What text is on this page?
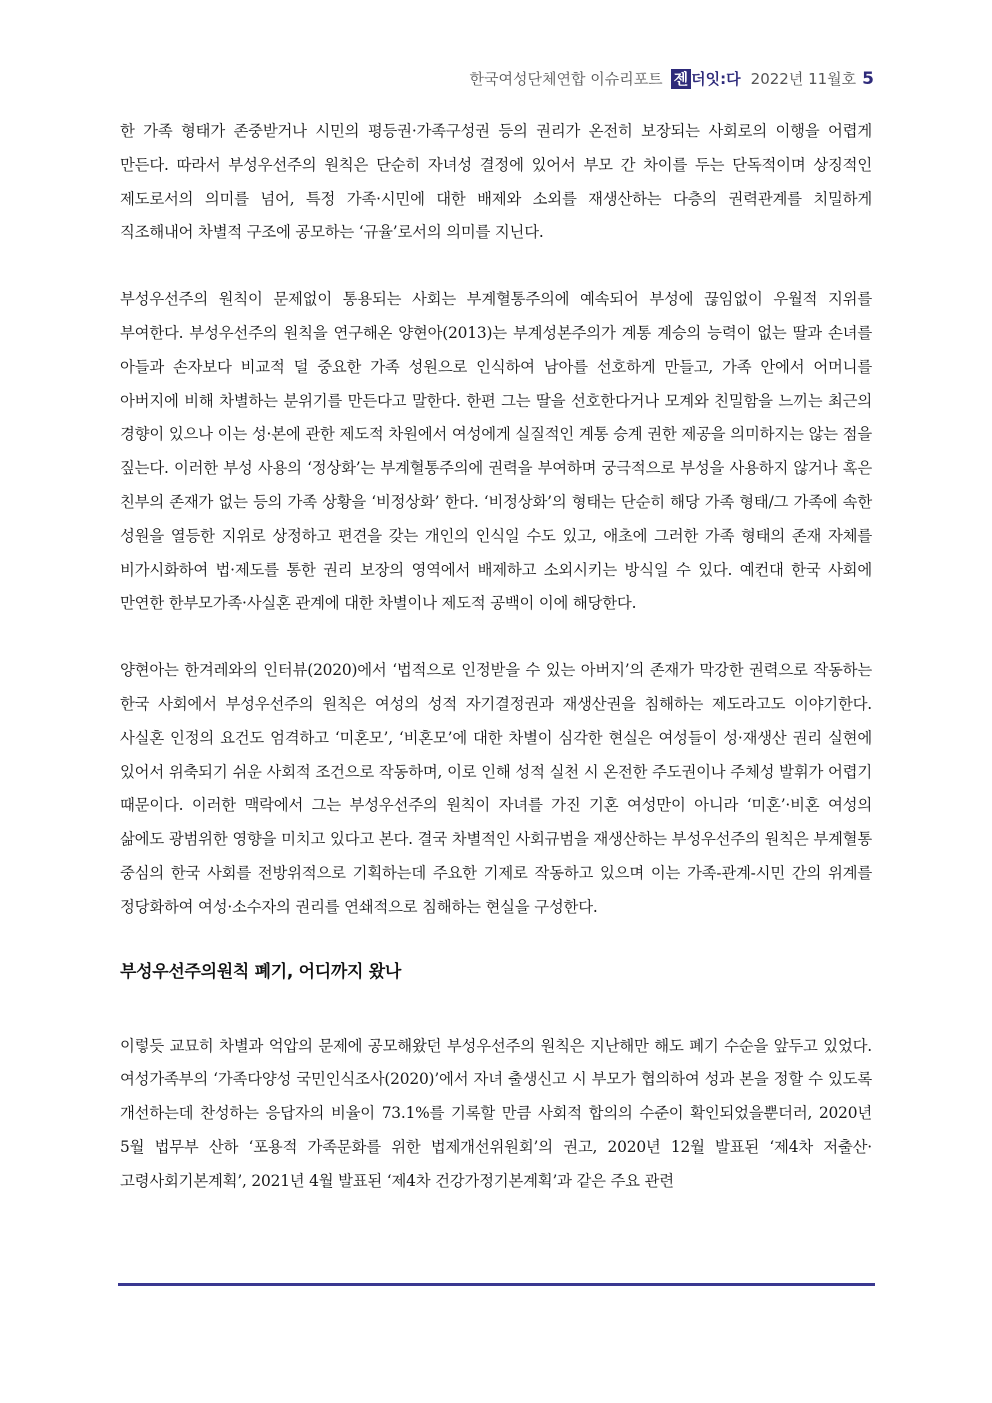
한국여성단체연합 이슈리포트 젠 더잇:다 2022년 11월호 5

한 가족 형태가 존중받거나 시민의 평등권·가족구성권 등의 권리가 온전히 보장되는 사회로의 이행을 어렵게 만든다. 따라서 부성우선주의 원칙은 단순히 자녀성 결정에 있어서 부모 간 차이를 두는 단독적이며 상징적인 제도로서의 의미를 넘어, 특정 가족·시민에 대한 배제와 소외를 재생산하는 다층의 권력관계를 치밀하게 직조해내어 차별적 구조에 공모하는 ‘규율’로서의 의미를 지닌다.

부성우선주의 원칙이 문제없이 통용되는 사회는 부계혈통주의에 예속되어 부성에 끊임없이 우월적 지위를 부여한다. 부성우선주의 원칙을 연구해온 양현아(2013)는 부계성본주의가 계통 계승의 능력이 없는 딸과 손녀를 아들과 손자보다 비교적 덜 중요한 가족 성원으로 인식하여 남아를 선호하게 만들고, 가족 안에서 어머니를 아버지에 비해 차별하는 분위기를 만든다고 말한다. 한편 그는 딸을 선호한다거나 모계와 친밀함을 느끼는 최근의 경향이 있으나 이는 성·본에 관한 제도적 차원에서 여성에게 실질적인 계통 승계 권한 제공을 의미하지는 않는 점을 짚는다. 이러한 부성 사용의 ‘정상화’는 부계혈통주의에 권력을 부여하며 궁극적으로 부성을 사용하지 않거나 혹은 친부의 존재가 없는 등의 가족 상황을 ‘비정상화’ 한다. ‘비정상화’의 형태는 단순히 해당 가족 형태/그 가족에 속한 성원을 열등한 지위로 상정하고 편견을 갖는 개인의 인식일 수도 있고, 애초에 그러한 가족 형태의 존재 자체를 비가시화하여 법·제도를 통한 권리 보장의 영역에서 배제하고 소외시키는 방식일 수 있다. 예컨대 한국 사회에 만연한 한부모가족·사실혼 관계에 대한 차별이나 제도적 공백이 이에 해당한다.

양현아는 한겨레와의 인터뷰(2020)에서 ‘법적으로 인정받을 수 있는 아버지’의 존재가 막강한 권력으로 작동하는 한국 사회에서 부성우선주의 원칙은 여성의 성적 자기결정권과 재생산권을 침해하는 제도라고도 이야기한다. 사실혼 인정의 요건도 엄격하고 ‘미혼모’, ‘비혼모’에 대한 차별이 심각한 현실은 여성들이 성·재생산 권리 실현에 있어서 위축되기 쉬운 사회적 조건으로 작동하며, 이로 인해 성적 실천 시 온전한 주도권이나 주체성 발휘가 어렵기 때문이다. 이러한 맥락에서 그는 부성우선주의 원칙이 자녀를 가진 기혼 여성만이 아니라 ‘미혼’·비혼 여성의 삶에도 광범위한 영향을 미치고 있다고 본다. 결국 차별적인 사회규범을 재생산하는 부성우선주의 원칙은 부계혈통 중심의 한국 사회를 전방위적으로 기획하는데 주요한 기제로 작동하고 있으며 이는 가족-관계-시민 간의 위계를 정당화하여 여성·소수자의 권리를 연쇄적으로 침해하는 현실을 구성한다.

부성우선주의원칙 폐기, 어디까지 왔나

이렇듯 교묘히 차별과 억압의 문제에 공모해왔던 부성우선주의 원칙은 지난해만 해도 폐기 수순을 앞두고 있었다. 여성가족부의 ‘가족다양성 국민인식조사(2020)’에서 자녀 출생신고 시 부모가 협의하여 성과 본을 정할 수 있도록 개선하는데 찬성하는 응답자의 비율이 73.1%를 기록할 만큼 사회적 합의의 수준이 확인되었을뿐더러, 2020년 5월 법무부 산하 ‘포용적 가족문화를 위한 법제개선위원회’의 권고, 2020년 12월 발표된 ‘제4차 저출산·고령사회기본계획’, 2021년 4월 발표된 ‘제4차 건강가정기본계획’과 같은 주요 관련
